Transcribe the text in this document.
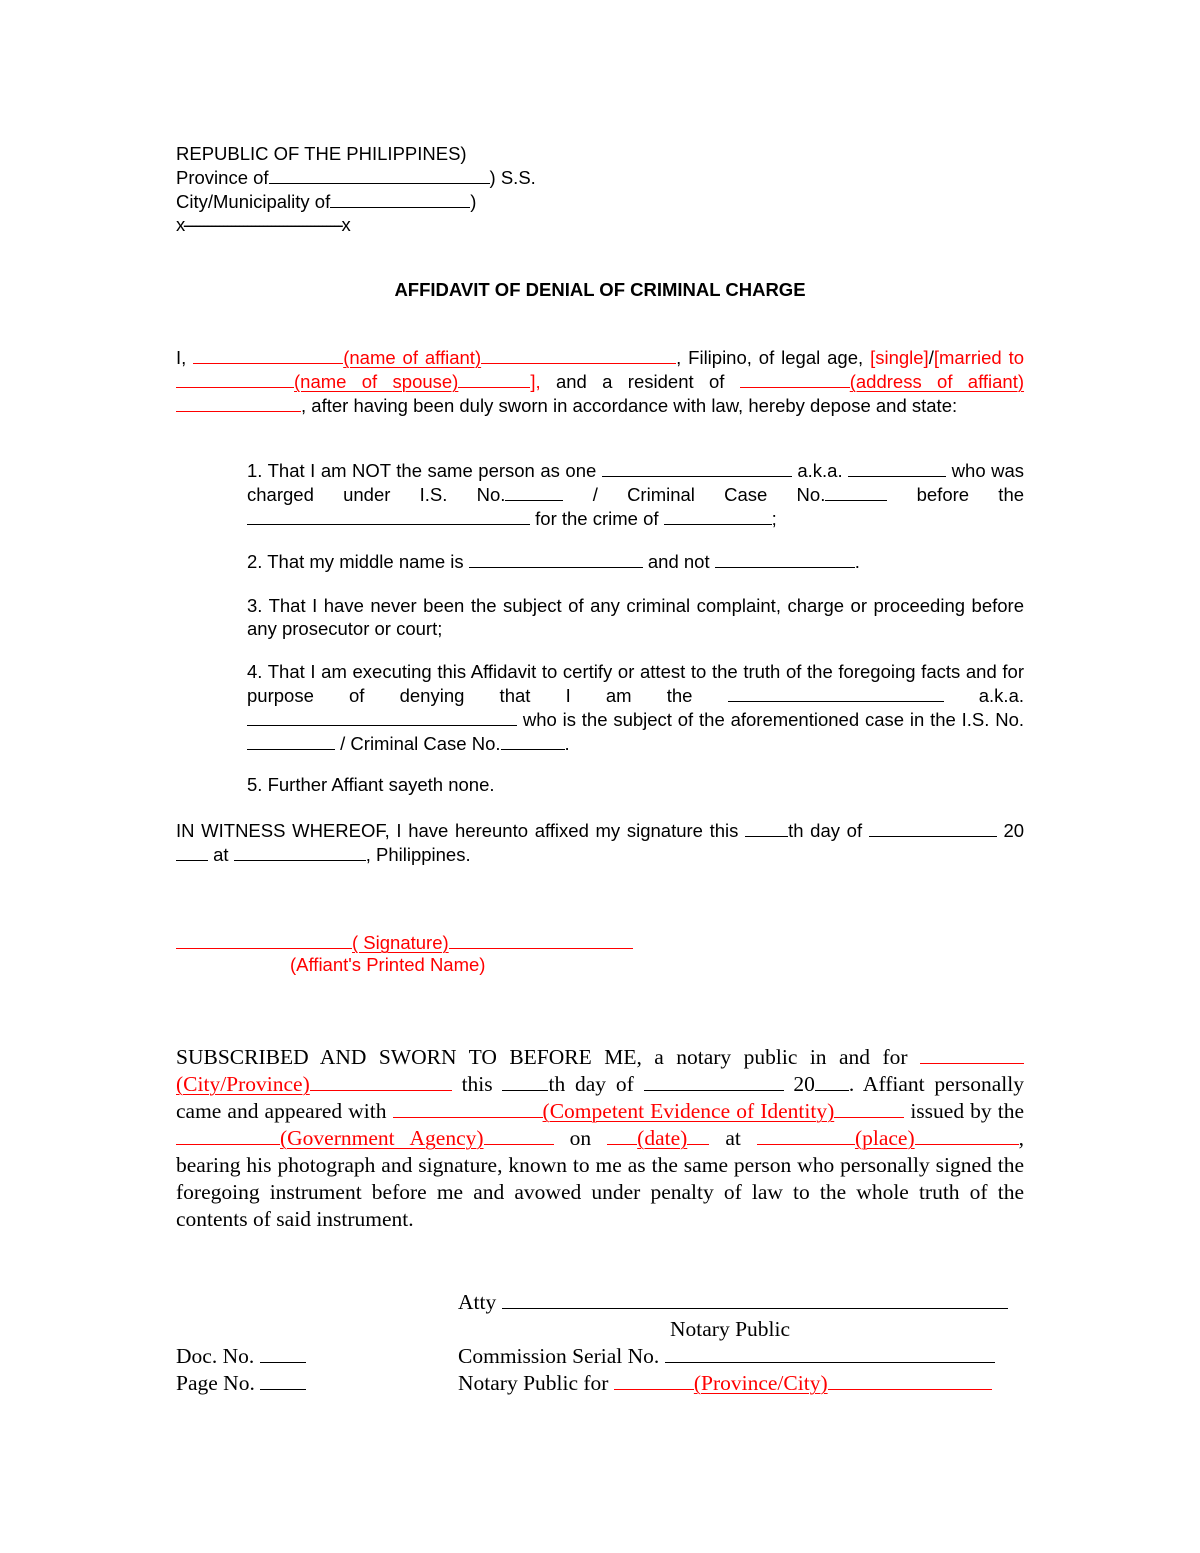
REPUBLIC OF THE PHILIPPINES)
Province of	) S.S.
City/Municipality of	)
x----------------------------------------x
AFFIDAVIT OF DENIAL OF CRIMINAL CHARGE
I,	(name of affiant)	, Filipino, of legal age, [single]/[married to (name of spouse)	], and a resident of	(address of affiant), after having been duly sworn in accordance with law, hereby depose and state:
1. That I am NOT the same person as one	a.k.a.	who was charged under I.S. No.	/ Criminal Case No.	before the  for the crime of	;
2. That my middle name is	and not	.
3. That I have never been the subject of any criminal complaint, charge or proceeding before any prosecutor or court;
4. That I am executing this Affidavit to certify or attest to the truth of the foregoing facts and for purpose of denying that I am the	a.k.a. who is the subject of the aforementioned case in the I.S. No. / Criminal Case No.	.
5. Further Affiant sayeth none.
IN WITNESS WHEREOF, I have hereunto affixed my signature this	th day of	20 at	, Philippines.
( Signature)
(Affiant's Printed Name)
SUBSCRIBED AND SWORN TO BEFORE ME, a notary public in and for (City/Province)	this	th day of	20 . Affiant personally came and appeared with	(Competent Evidence of Identity)	issued by the (Government Agency)	on (date) at	(place)	, bearing his photograph and signature, known to me as the same person who personally signed the foregoing instrument before me and avowed under penalty of law to the whole truth of the contents of said instrument.
Atty
Notary Public
Doc. No.	Commission Serial No.
Page No.	Notary Public for	(Province/City)
